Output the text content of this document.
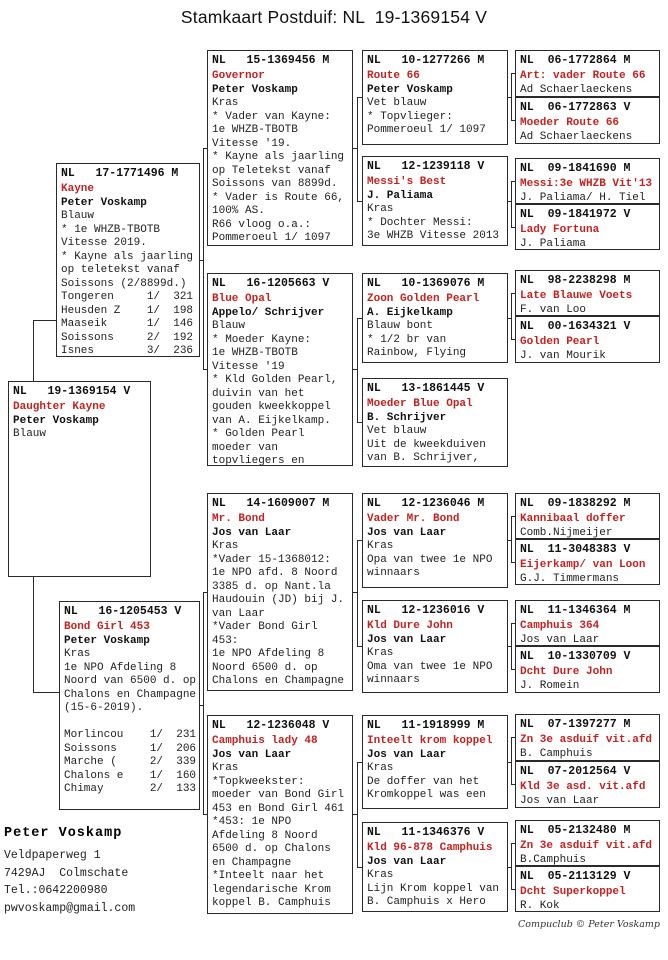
Stamkaart Postduif: NL  19-1369154 V
NL   19-1369154 V
Daughter Kayne
Peter Voskamp
Blauw
NL   17-1771496 M
Kayne
Peter Voskamp
Blauw
* 1e WHZB-TBOTB
Vitesse 2019.
* Kayne als jaarling
op teletekst vanaf
Soissons (2/8899d.)
Tongeren     1/  321
Heusden Z    1/  198
Maaseik      1/  146
Soissons     2/  192
Isnes        3/  236
NL   16-1205453 V
Bond Girl 453
Peter Voskamp
Kras
1e NPO Afdeling 8
Noord van 6500 d. op
Chalons en Champagne
(15-6-2019).

Morlincou    1/  231
Soissons     1/  206
Marche (     2/  339
Chalons e    1/  160
Chimay       2/  133
NL   15-1369456 M
Governor
Peter Voskamp
Kras
* Vader van Kayne:
1e WHZB-TBOTB
Vitesse '19.
* Kayne als jaarling
op Teletekst vanaf
Soissons van 8899d.
* Vader is Route 66,
100% AS.
R66 vloog o.a.:
Pommeroeul 1/ 1097
NL   16-1205663 V
Blue Opal
Appelo/ Schrijver
Blauw
* Moeder Kayne:
1e WHZB-TBOTB
Vitesse '19
* Kld Golden Pearl,
duivin van het
gouden kweekkoppel
van A. Eijkelkamp.
* Golden Pearl
moeder van
topvliegers en
NL   14-1609007 M
Mr. Bond
Jos van Laar
Kras
*Vader 15-1368012:
1e NPO afd. 8 Noord
3385 d. op Nant.la
Haudouin (JD) bij J.
van Laar
*Vader Bond Girl
453:
1e NPO Afdeling 8
Noord 6500 d. op
Chalons en Champagne
NL   12-1236048 V
Camphuis lady 48
Jos van Laar
Kras
*Topkweekster:
moeder van Bond Girl
453 en Bond Girl 461
*453: 1e NPO
Afdeling 8 Noord
6500 d. op Chalons
en Champagne
*Inteelt naar het
legendarische Krom
koppel B. Camphuis
NL   10-1277266 M
Route 66
Peter Voskamp
Vet blauw
* Topvlieger:
Pommeroeul 1/ 1097
NL   12-1239118 V
Messi's Best
J. Paliama
Kras
* Dochter Messi:
3e WHZB Vitesse 2013
NL   10-1369076 M
Zoon Golden Pearl
A. Eijkelkamp
Blauw bont
* 1/2 br van
Rainbow, Flying
NL   13-1861445 V
Moeder Blue Opal
B. Schrijver
Vet blauw
Uit de kweekduiven
van B. Schrijver,
NL   12-1236046 M
Vader Mr. Bond
Jos van Laar
Kras
Opa van twee 1e NPO
winnaars
NL   12-1236016 V
Kld Dure John
Jos van Laar
Kras
Oma van twee 1e NPO
winnaars
NL   11-1918999 M
Inteelt krom koppel
Jos van Laar
Kras
De doffer van het
Kromkoppel was een
NL   11-1346376 V
Kld 96-878 Camphuis
Jos van Laar
Kras
Lijn Krom koppel van
B. Camphuis x Hero
NL  06-1772864 M
Art: vader Route 66
Ad Schaerlaeckens
NL  06-1772863 V
Moeder Route 66
Ad Schaerlaeckens
NL  09-1841690 M
Messi:3e WHZB Vit'13
J. Paliama/ H. Tiel
NL  09-1841972 V
Lady Fortuna
J. Paliama
NL  98-2238298 M
Late Blauwe Voets
F. van Loo
NL  00-1634321 V
Golden Pearl
J. van Mourik
NL  09-1838292 M
Kannibaal doffer
Comb.Nijmeijer
NL  11-3048383 V
Eijerkamp/ van Loon
G.J. Timmermans
NL  11-1346364 M
Camphuis 364
Jos van Laar
NL  10-1330709 V
Dcht Dure John
J. Romein
NL  07-1397277 M
Zn 3e asduif vit.afd
B. Camphuis
NL  07-2012564 V
Kld 3e asd. vit.afd
Jos van Laar
NL  05-2132480 M
Zn 3e asduif vit.afd
B.Camphuis
NL  05-2113129 V
Dcht Superkoppel
R. Kok
Peter Voskamp
Veldpaperweg 1
7429AJ  Colmschate
Tel.:0642200980
pwvoskamp@gmail.com
Compuclub © Peter Voskamp
